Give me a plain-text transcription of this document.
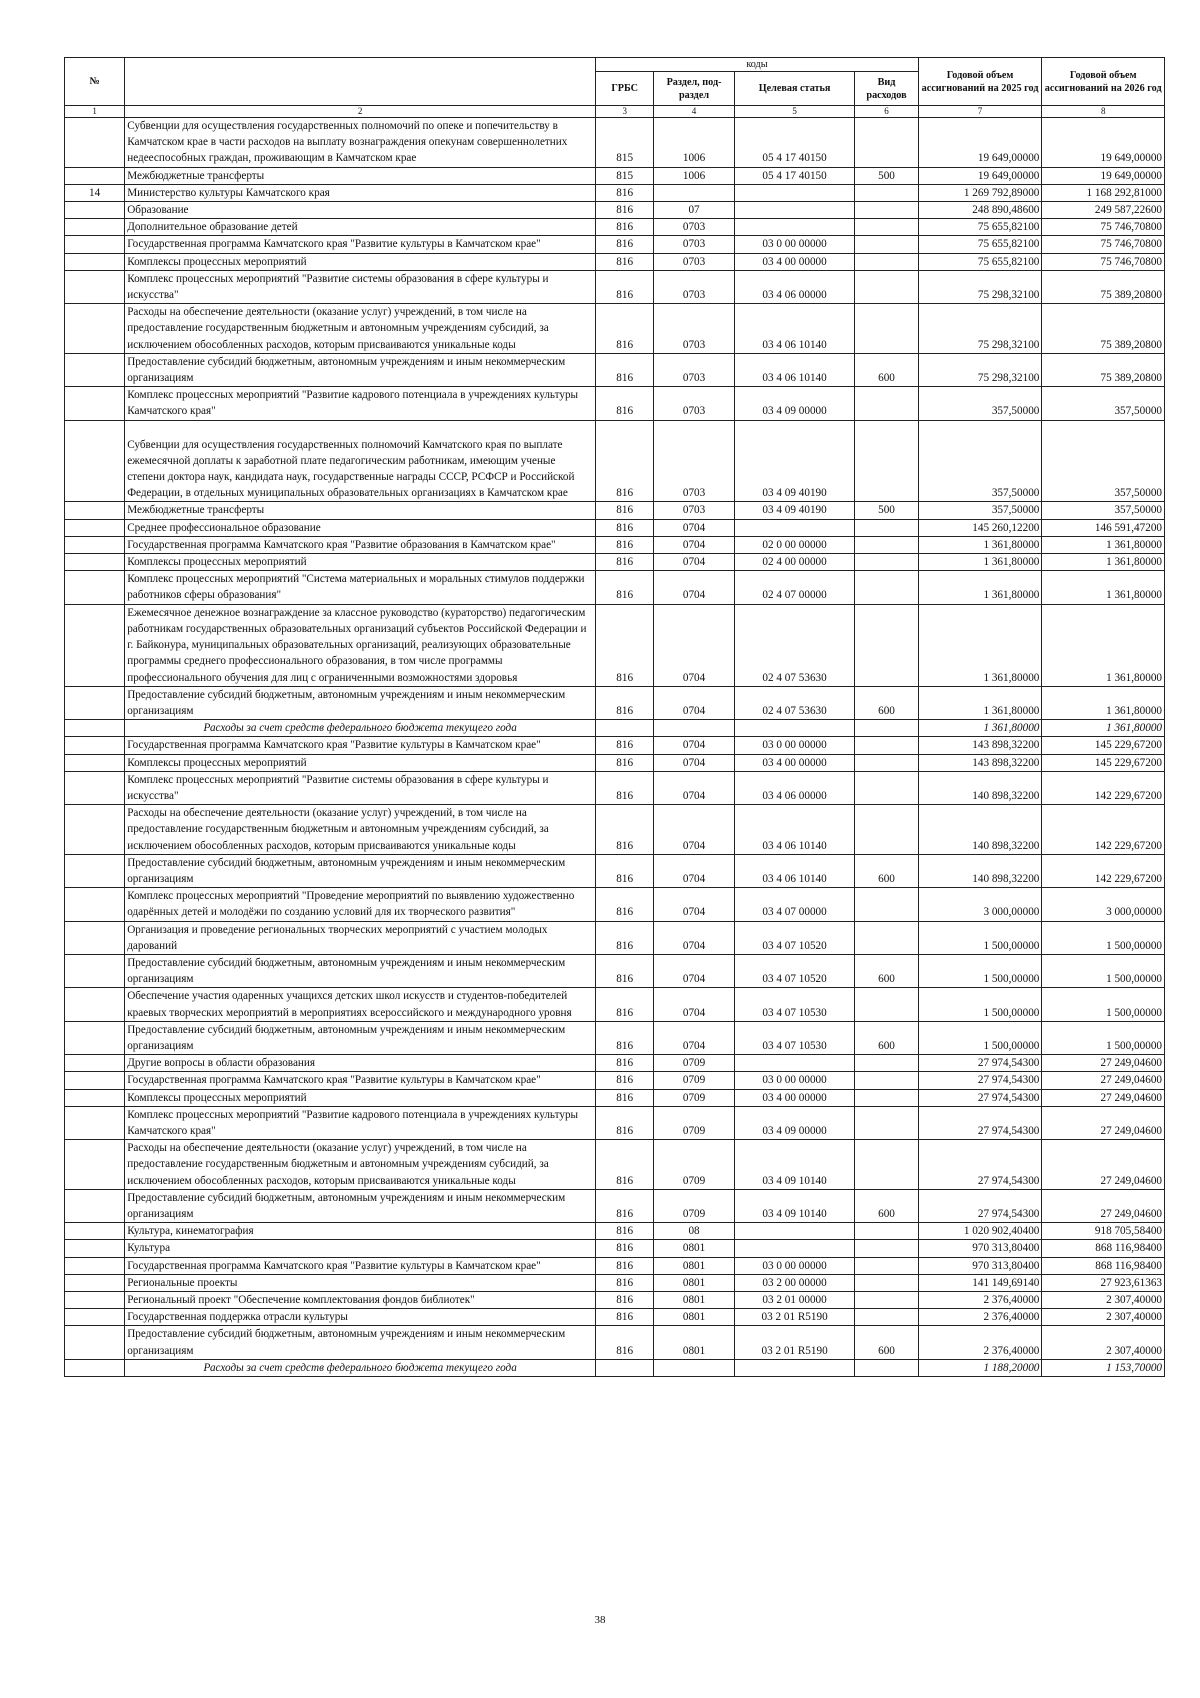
№		коды				Годовой объем ассигнований на 2025 год	Годовой объем ассигнований на 2026 год
		ГРБС	Раздел, под-раздел	Целевая статья	Вид расходов		
1	2	3	4	5	6	7	8
	Субвенции для осуществления государственных полномочий по опеке и попечительству в Камчатском крае в части расходов на выплату вознаграждения опекунам совершеннолетних недееспособных граждан, проживающим в Камчатском крае	815	1006	05 4 17 40150		19 649,00000	19 649,00000
	Межбюджетные трансферты	815	1006	05 4 17 40150	500	19 649,00000	19 649,00000
14	Министерство культуры Камчатского края	816				1 269 792,89000	1 168 292,81000
	Образование	816	07			248 890,48600	249 587,22600
	Дополнительное образование детей	816	0703			75 655,82100	75 746,70800
	Государственная программа Камчатского края "Развитие культуры в Камчатском крае"	816	0703	03 0 00 00000		75 655,82100	75 746,70800
	Комплексы процессных мероприятий	816	0703	03 4 00 00000		75 655,82100	75 746,70800
	Комплекс процессных мероприятий "Развитие системы образования в сфере культуры и искусства"	816	0703	03 4 06 00000		75 298,32100	75 389,20800
	Расходы на обеспечение деятельности (оказание услуг) учреждений, в том числе на предоставление государственным бюджетным и автономным учреждениям субсидий, за исключением обособленных расходов, которым присваиваются уникальные коды	816	0703	03 4 06 10140		75 298,32100	75 389,20800
	Предоставление субсидий бюджетным, автономным учреждениям и иным некоммерческим организациям	816	0703	03 4 06 10140	600	75 298,32100	75 389,20800
	Комплекс процессных мероприятий "Развитие кадрового потенциала в учреждениях культуры Камчатского края"	816	0703	03 4 09 00000		357,50000	357,50000
	Субвенции для осуществления государственных полномочий Камчатского края по выплате ежемесячной доплаты к заработной плате педагогическим работникам, имеющим ученые степени доктора наук, кандидата наук, государственные награды СССР, РСФСР и Российской Федерации, в отдельных муниципальных образовательных организациях в Камчатском крае	816	0703	03 4 09 40190		357,50000	357,50000
	Межбюджетные трансферты	816	0703	03 4 09 40190	500	357,50000	357,50000
	Среднее профессиональное образование	816	0704			145 260,12200	146 591,47200
	Государственная программа Камчатского края "Развитие образования в Камчатском крае"	816	0704	02 0 00 00000		1 361,80000	1 361,80000
	Комплексы процессных мероприятий	816	0704	02 4 00 00000		1 361,80000	1 361,80000
	Комплекс процессных мероприятий "Система материальных и моральных стимулов поддержки работников сферы образования"	816	0704	02 4 07 00000		1 361,80000	1 361,80000
	Ежемесячное денежное вознаграждение за классное руководство (кураторство) педагогическим работникам государственных образовательных организаций субъектов Российской Федерации и г. Байконура, муниципальных образовательных организаций, реализующих образовательные программы среднего профессионального образования, в том числе программы профессионального обучения для лиц с ограниченными возможностями здоровья	816	0704	02 4 07 53630		1 361,80000	1 361,80000
	Предоставление субсидий бюджетным, автономным учреждениям и иным некоммерческим организациям	816	0704	02 4 07 53630	600	1 361,80000	1 361,80000
	Расходы за счет средств федерального бюджета текущего года					1 361,80000	1 361,80000
	Государственная программа Камчатского края "Развитие культуры в Камчатском крае"	816	0704	03 0 00 00000		143 898,32200	145 229,67200
	Комплексы процессных мероприятий	816	0704	03 4 00 00000		143 898,32200	145 229,67200
	Комплекс процессных мероприятий "Развитие системы образования в сфере культуры и искусства"	816	0704	03 4 06 00000		140 898,32200	142 229,67200
	Расходы на обеспечение деятельности (оказание услуг) учреждений, в том числе на предоставление государственным бюджетным и автономным учреждениям субсидий, за исключением обособленных расходов, которым присваиваются уникальные коды	816	0704	03 4 06 10140		140 898,32200	142 229,67200
	Предоставление субсидий бюджетным, автономным учреждениям и иным некоммерческим организациям	816	0704	03 4 06 10140	600	140 898,32200	142 229,67200
	Комплекс процессных мероприятий "Проведение мероприятий по выявлению художественно одарённых детей и молодёжи по созданию условий для их творческого развития"	816	0704	03 4 07 00000		3 000,00000	3 000,00000
	Организация и проведение региональных творческих мероприятий с участием молодых дарований	816	0704	03 4 07 10520		1 500,00000	1 500,00000
	Предоставление субсидий бюджетным, автономным учреждениям и иным некоммерческим организациям	816	0704	03 4 07 10520	600	1 500,00000	1 500,00000
	Обеспечение участия одаренных учащихся детских школ искусств и студентов-победителей краевых творческих мероприятий в мероприятиях всероссийского и международного уровня	816	0704	03 4 07 10530		1 500,00000	1 500,00000
	Предоставление субсидий бюджетным, автономным учреждениям и иным некоммерческим организациям	816	0704	03 4 07 10530	600	1 500,00000	1 500,00000
	Другие вопросы в области образования	816	0709			27 974,54300	27 249,04600
	Государственная программа Камчатского края "Развитие культуры в Камчатском крае"	816	0709	03 0 00 00000		27 974,54300	27 249,04600
	Комплексы процессных мероприятий	816	0709	03 4 00 00000		27 974,54300	27 249,04600
	Комплекс процессных мероприятий "Развитие кадрового потенциала в учреждениях культуры Камчатского края"	816	0709	03 4 09 00000		27 974,54300	27 249,04600
	Расходы на обеспечение деятельности (оказание услуг) учреждений, в том числе на предоставление государственным бюджетным и автономным учреждениям субсидий, за исключением обособленных расходов, которым присваиваются уникальные коды	816	0709	03 4 09 10140		27 974,54300	27 249,04600
	Предоставление субсидий бюджетным, автономным учреждениям и иным некоммерческим организациям	816	0709	03 4 09 10140	600	27 974,54300	27 249,04600
	Культура, кинематография	816	08			1 020 902,40400	918 705,58400
	Культура	816	0801			970 313,80400	868 116,98400
	Государственная программа Камчатского края "Развитие культуры в Камчатском крае"	816	0801	03 0 00 00000		970 313,80400	868 116,98400
	Региональные проекты	816	0801	03 2 00 00000		141 149,69140	27 923,61363
	Региональный проект "Обеспечение комплектования фондов библиотек"	816	0801	03 2 01 00000		2 376,40000	2 307,40000
	Государственная поддержка отрасли культуры	816	0801	03 2 01 R5190		2 376,40000	2 307,40000
	Предоставление субсидий бюджетным, автономным учреждениям и иным некоммерческим организациям	816	0801	03 2 01 R5190	600	2 376,40000	2 307,40000
	Расходы за счет средств федерального бюджета текущего года					1 188,20000	1 153,70000
38
